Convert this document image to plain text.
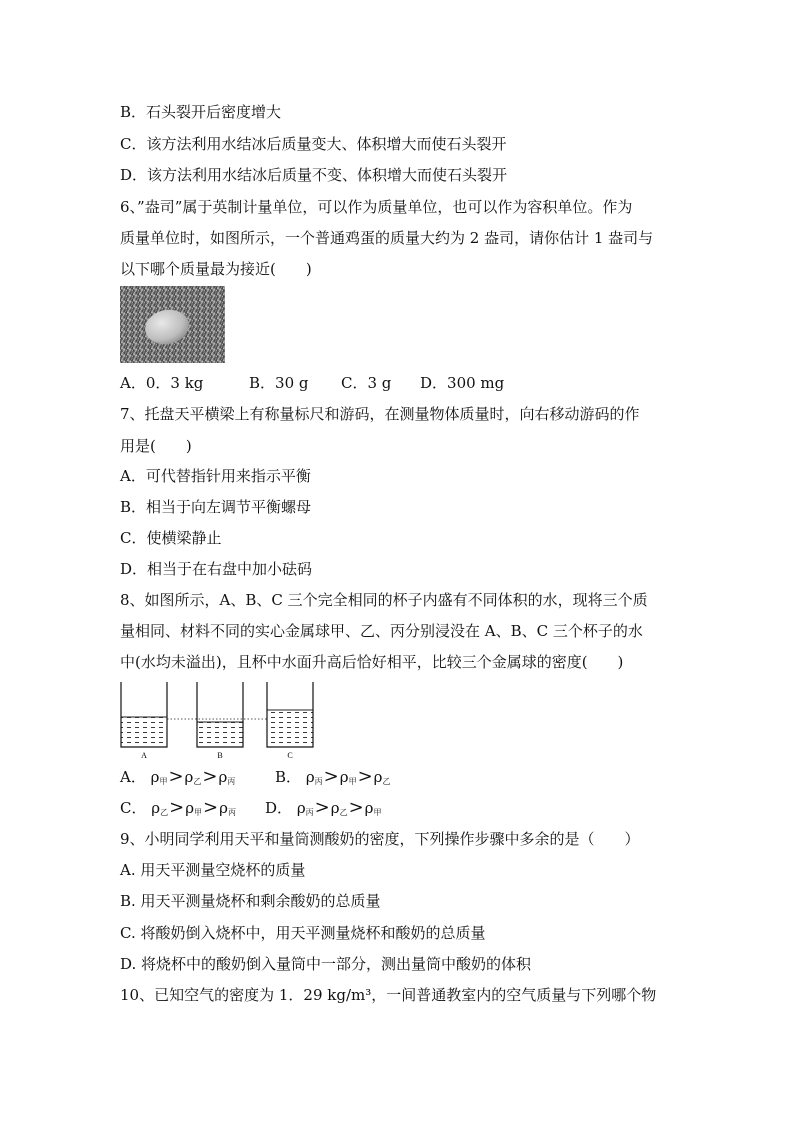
B．石头裂开后密度增大
C．该方法利用水结冰后质量变大、体积增大而使石头裂开
D．该方法利用水结冰后质量不变、体积增大而使石头裂开
6、”盎司”属于英制计量单位，可以作为质量单位，也可以作为容积单位。作为
质量单位时，如图所示，一个普通鸡蛋的质量大约为 2 盎司，请你估计 1 盎司与
以下哪个质量最为接近(　　)
A．0．3 kg	B．30 g C．3 g D．300 mg
7、托盘天平横梁上有称量标尺和游码，在测量物体质量时，向右移动游码的作
用是(　　)
C．使横梁静止
D．相当于在右盘中加小砝码
8、如图所示，A、B、C 三个完全相同的杯子内盛有不同体积的水，现将三个质
量相同、材料不同的实心金属球甲、乙、丙分别浸没在 A、B、C 三个杯子的水
中(水均未溢出)，且杯中水面升高后恰好相平，比较三个金属球的密度(　　)
A	B	C
A． ρ甲>ρ乙>ρ丙	B． ρ丙>ρ甲>ρ乙
C． ρ乙>ρ甲>ρ丙 D． ρ丙>ρ乙>ρ甲
9、小明同学利用天平和量筒测酸奶的密度，下列操作步骤中多余的是（　　）
A. 用天平测量空烧杯的质量
B. 用天平测量烧杯和剩余酸奶的总质量
C. 将酸奶倒入烧杯中，用天平测量烧杯和酸奶的总质量
D. 将烧杯中的酸奶倒入量筒中一部分，测出量筒中酸奶的体积
10、已知空气的密度为 1．29 kg/m³，一间普通教室内的空气质量与下列哪个物
A．可代替指针用来指示平衡
B．相当于向左调节平衡螺母
